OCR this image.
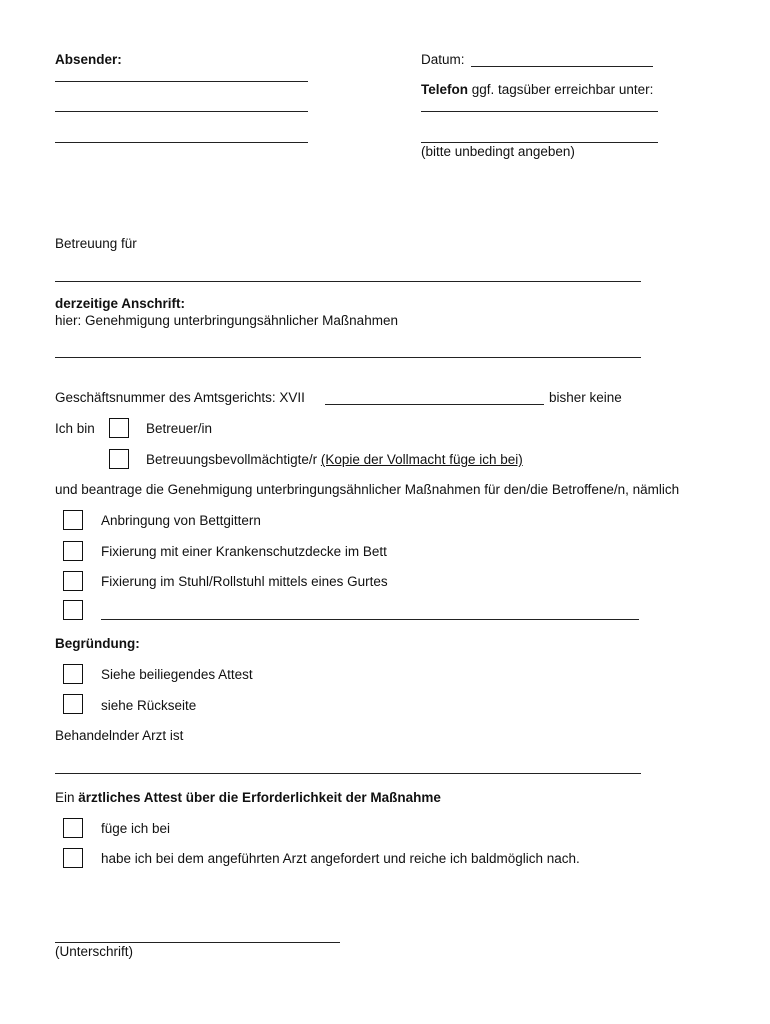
Absender:	Datum:
Telefon ggf. tagsüber erreichbar unter:
(bitte unbedingt angeben)
Betreuung für
derzeitige Anschrift:
hier: Genehmigung unterbringungsähnlicher Maßnahmen
Geschäftsnummer des Amtsgerichts: XVII	bisher keine
Ich bin	Betreuer/in
Betreuungsbevollmächtigte/r (Kopie der Vollmacht füge ich bei)
und beantrage die Genehmigung unterbringungsähnlicher Maßnahmen für den/die Betroffene/n, nämlich
Anbringung von Bettgittern
Fixierung mit einer Krankenschutzdecke im Bett
Fixierung im Stuhl/Rollstuhl mittels eines Gurtes
Begründung:
Siehe beiliegendes Attest
siehe Rückseite
Behandelnder Arzt ist
Ein ärztliches Attest über die Erforderlichkeit der Maßnahme
füge ich bei
habe ich bei dem angeführten Arzt angefordert und reiche ich baldmöglich nach.
(Unterschrift)
